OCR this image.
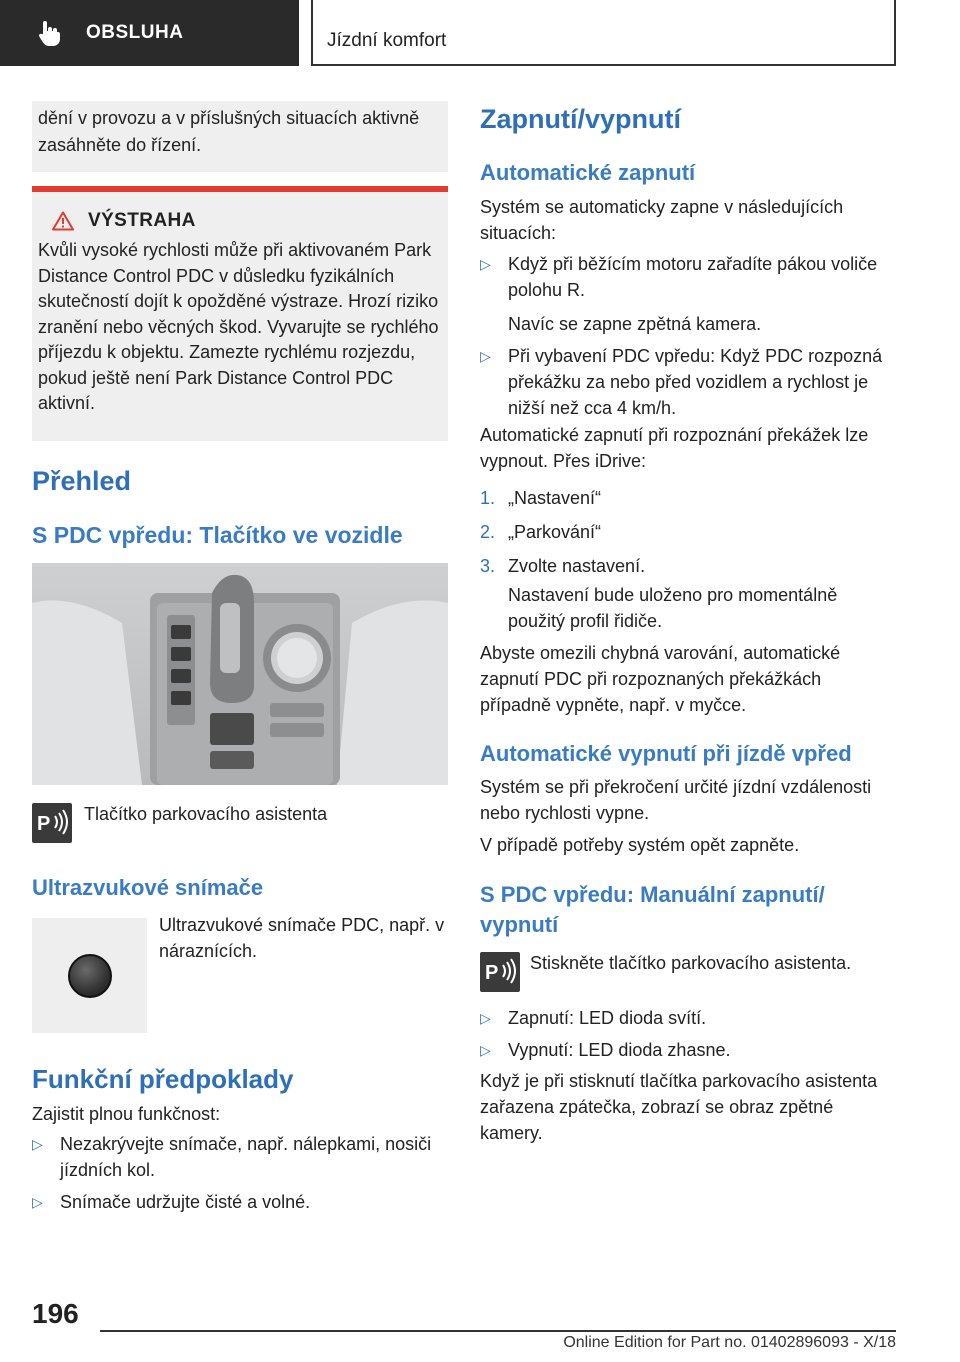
OBSLUHA	Jízdní komfort

dění v provozu a v příslušných situacích aktivně zasáhněte do řízení.

VÝSTRAHA

Kvůli vysoké rychlosti může při aktivovaném Park Distance Control PDC v důsledku fyzikálních skutečností dojít k opožděné výstraze. Hrozí riziko zranění nebo věcných škod. Vyvarujte se rychlého příjezdu k objektu. Zamezte rychlému rozjezdu, pokud ještě není Park Distance Control PDC aktivní.

Přehled
S PDC vpředu: Tlačítko ve vozidle
P Tlačítko parkovacího asistenta

Ultrazvukové snímače

Ultrazvukové snímače PDC, např. v náraznících.

Funkční předpoklady

Zajistit plnou funkčnost:

▷ Nezakrývejte snímače, např. nálepkami, nosiči jízdních kol.
▷ Snímače udržujte čisté a volné.
Zapnutí/vypnutí
Automatické zapnutí

Systém se automaticky zapne v následujících situacích:

▷ Když při běžícím motoru zařadíte pákou voliče polohu R.
Navíc se zapne zpětná kamera.
▷ Při vybavení PDC vpředu: Když PDC rozpozná překážku za nebo před vozidlem a rychlost je nižší než cca 4 km/h.

Automatické zapnutí při rozpoznání překážek lze vypnout. Přes iDrive:

1. „Nastavení“
2. „Parkování“
3. Zvolte nastavení.

Nastavení bude uloženo pro momentálně použitý profil řidiče.

Abyste omezili chybná varování, automatické zapnutí PDC při rozpoznaných překážkách případně vypněte, např. v myčce.

Automatické vypnutí při jízdě vpřed

Systém se při překročení určité jízdní vzdálenosti nebo rychlosti vypne.

V případě potřeby systém opět zapněte.

S PDC vpředu: Manuální zapnutí/ vypnutí
P Stiskněte tlačítko parkovacího asistenta.

▷ Zapnutí: LED dioda svítí.
▷ Vypnutí: LED dioda zhasne.

Když je při stisknutí tlačítka parkovacího asistenta zařazena zpátečka, zobrazí se obraz zpětné kamery.

196
Online Edition for Part no. 01402896093 - X/18
